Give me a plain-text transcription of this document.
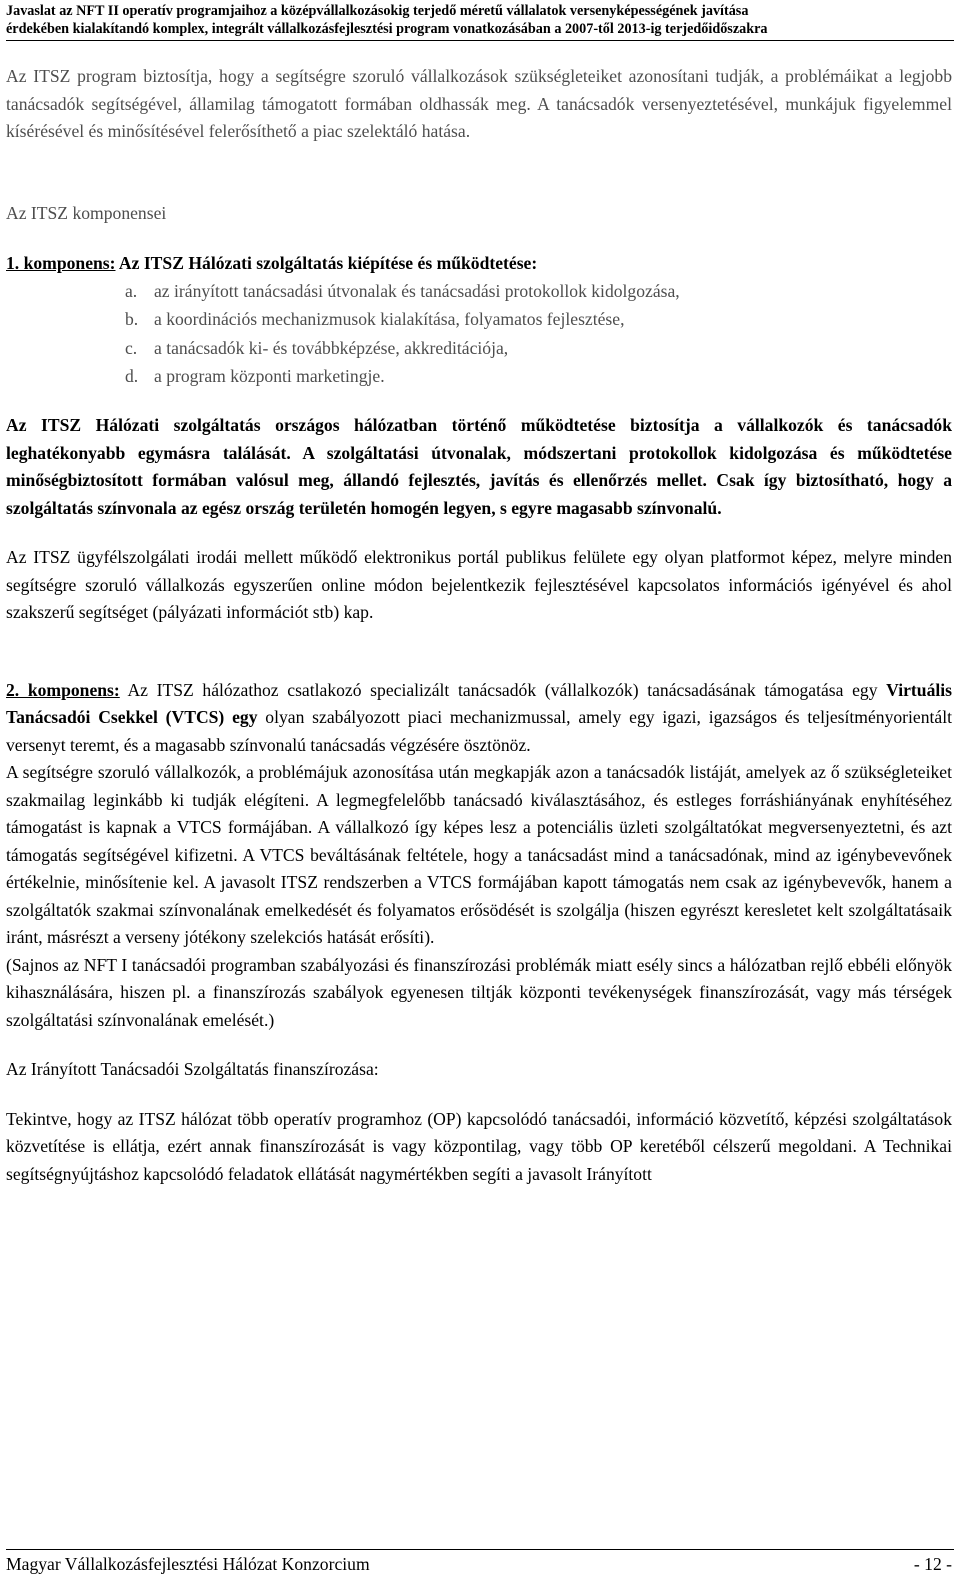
Javaslat az NFT II operatív programjaihoz a középvállalkozásokig terjedő méretű vállalatok versenyképességének javítása
érdekében kialakítandó komplex, integrált vállalkozásfejlesztési program vonatkozásában a 2007-től 2013-ig terjedőidőszakra

Az ITSZ program biztosítja, hogy a segítségre szoruló vállalkozások szükségleteiket azonosítani tudják, a problémáikat a legjobb tanácsadók segítségével, államilag támogatott formában oldhassák meg. A tanácsadók versenyeztetésével, munkájuk figyelemmel kísérésével és minősítésével felerősíthető a piac szelektáló hatása.

Az ITSZ komponensei

1. komponens: Az ITSZ Hálózati szolgáltatás kiépítése és működtetése:

a. az irányított tanácsadási útvonalak és tanácsadási protokollok kidolgozása,
b. a koordinációs mechanizmusok kialakítása, folyamatos fejlesztése,
c. a tanácsadók ki- és továbbképzése, akkreditációja,
d. a program központi marketingje.

Az ITSZ Hálózati szolgáltatás országos hálózatban történő működtetése biztosítja a vállalkozók és tanácsadók leghatékonyabb egymásra találását. A szolgáltatási útvonalak, módszertani protokollok kidolgozása és működtetése minőségbiztosított formában valósul meg, állandó fejlesztés, javítás és ellenőrzés mellet. Csak így biztosítható, hogy a szolgáltatás színvonala az egész ország területén homogén legyen, s egyre magasabb színvonalú.

Az ITSZ ügyfélszolgálati irodái mellett működő elektronikus portál publikus felülete egy olyan platformot képez, melyre minden segítségre szoruló vállalkozás egyszerűen online módon bejelentkezik fejlesztésével kapcsolatos információs igényével és ahol szakszerű segítséget (pályázati információt stb) kap.

2. komponens: Az ITSZ hálózathoz csatlakozó specializált tanácsadók (vállalkozók) tanácsadásának támogatása egy Virtuális Tanácsadói Csekkel (VTCS) egy olyan szabályozott piaci mechanizmussal, amely egy igazi, igazságos és teljesítményorientált versenyt teremt, és a magasabb színvonalú tanácsadás végzésére ösztönöz.

A segítségre szoruló vállalkozók, a problémájuk azonosítása után megkapják azon a tanácsadók listáját, amelyek az ő szükségleteiket szakmailag leginkább ki tudják elégíteni. A legmegfelelőbb tanácsadó kiválasztásához, és estleges forráshiányának enyhítéséhez támogatást is kapnak a VTCS formájában. A vállalkozó így képes lesz a potenciális üzleti szolgáltatókat megversenyeztetni, és azt támogatás segítségével kifizetni. A VTCS beváltásának feltétele, hogy a tanácsadást mind a tanácsadónak, mind az igénybevevőnek értékelnie, minősítenie kel. A javasolt ITSZ rendszerben a VTCS formájában kapott támogatás nem csak az igénybevevők, hanem a szolgáltatók szakmai színvonalának emelkedését és folyamatos erősödését is szolgálja (hiszen egyrészt keresletet kelt szolgáltatásaik iránt, másrészt a verseny jótékony szelekciós hatását erősíti).

(Sajnos az NFT I tanácsadói programban szabályozási és finanszírozási problémák miatt esély sincs a hálózatban rejlő ebbéli előnyök kihasználására, hiszen pl. a finanszírozás szabályok egyenesen tiltják központi tevékenységek finanszírozását, vagy más térségek szolgáltatási színvonalának emelését.)

Az Irányított Tanácsadói Szolgáltatás finanszírozása:

Tekintve, hogy az ITSZ hálózat több operatív programhoz (OP) kapcsolódó tanácsadói, információ közvetítő, képzési szolgáltatások közvetítése is ellátja, ezért annak finanszírozását is vagy központilag, vagy több OP keretéből célszerű megoldani. A Technikai segítségnyújtáshoz kapcsolódó feladatok ellátását nagymértékben segíti a javasolt Irányított

Magyar Vállalkozásfejlesztési Hálózat Konzorcium	- 12 -
